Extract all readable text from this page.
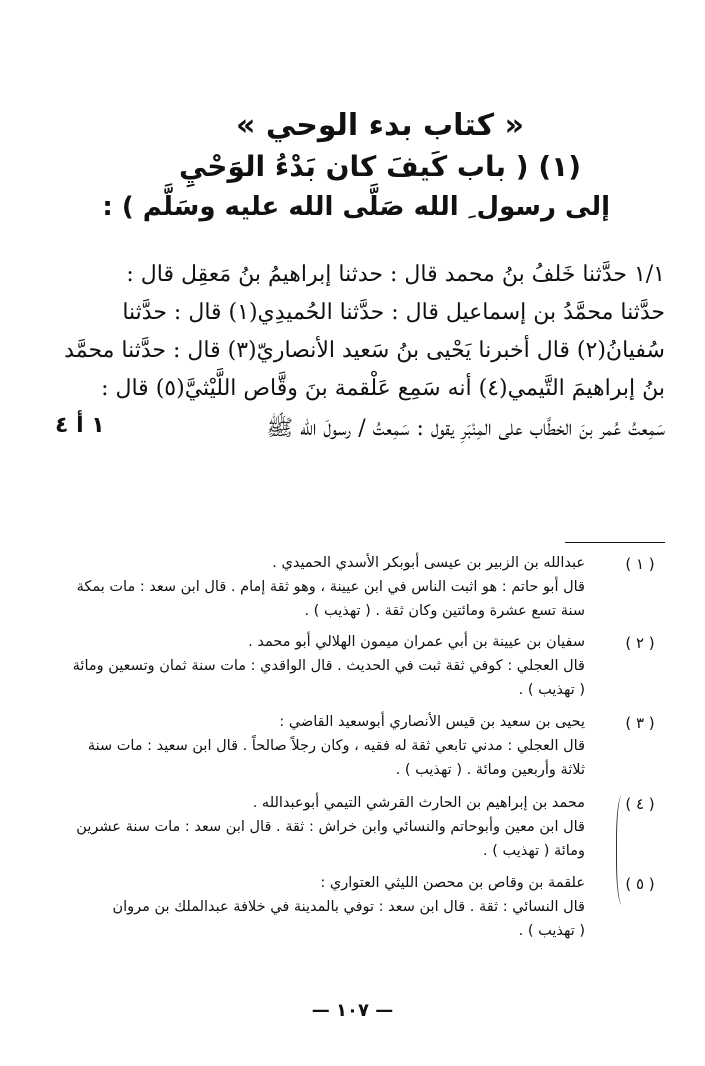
« كتاب بدء الوحي »
(١) ( باب كَيفَ كان بَدْءُ الوَحْيِ
إلى رسول ِ الله صَلَّى الله عليه وسَلَّم ) :
١/١ حدَّثنا خَلفُ بنُ محمد قال : حدثنا إبراهيمُ بنُ مَعقِل قال :
حدَّثنا محمَّدُ بن إسماعيل قال : حدَّثنا الحُميدِي(١) قال : حدَّثنا
سُفيانُ(٢) قال أخبرنا يَحْيى بنُ سَعيد الأنصاريّ(٣) قال : حدَّثنا محمَّد
بنُ إبراهيمَ التَّيمي(٤) أنه سَمِع عَلْقمة بنَ وقَّاص اللَّيْثيَّ(٥) قال :
سَمِعتُ عُمر بنَ الخطَّاب على المِنْبَرِ يقول : سَمِعتُ / رسولَ الله ﷺ
١ أ ٤
( ١ )
عبدالله بن الزبير بن عيسى أبوبكر الأسدي الحميدي .
قال أبو حاتم : هو اثبت الناس في ابن عيينة ، وهو ثقة إمام . قال ابن سعد : مات بمكة
سنة تسع عشرة ومائتين وكان ثقة . ( تهذيب ) .
( ٢ )
سفيان بن عيينة بن أبي عمران ميمون الهلالي أبو محمد .
قال العجلي : كوفي ثقة ثبت في الحديث . قال الواقدي : مات سنة ثمان وتسعين ومائة
( تهذيب ) .
( ٣ )
يحيى بن سعيد بن قيس الأنصاري أبوسعيد القاضي :
قال العجلي : مدني تابعي ثقة له فقيه ، وكان رجلاً صالحاً . قال ابن سعيد : مات سنة
ثلاثة وأربعين ومائة . ( تهذيب ) .
( ٤ )
محمد بن إبراهيم بن الحارث القرشي التيمي أبوعبدالله .
قال ابن معين وأبوحاتم والنسائي وابن خراش : ثقة . قال ابن سعد : مات سنة عشرين
ومائة ( تهذيب ) .
( ٥ )
علقمة بن وقاص بن محصن الليثي العتواري :
قال النسائي : ثقة . قال ابن سعد : توفي بالمدينة في خلافة عبدالملك بن مروان
( تهذيب ) .
— ١٠٧ —
